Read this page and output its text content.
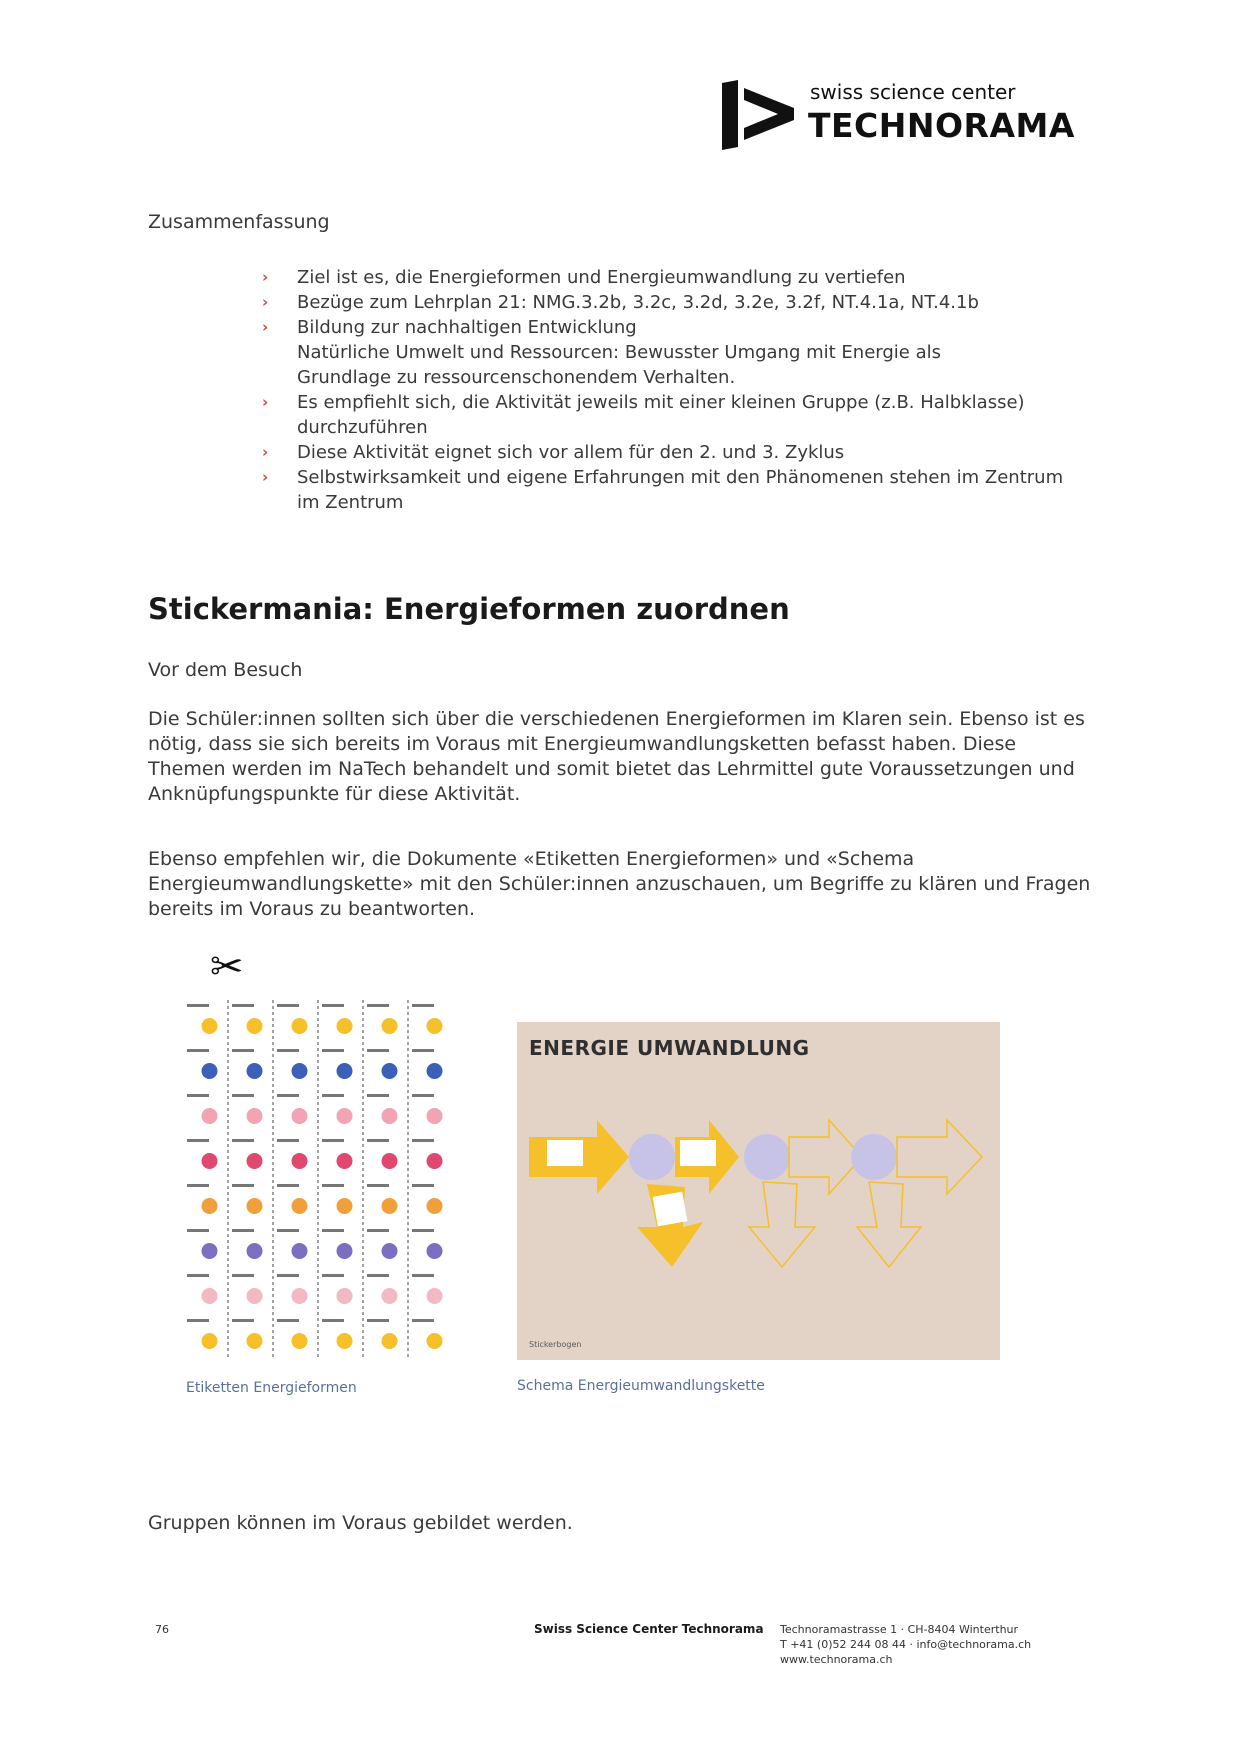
swiss science center
TECHNORAMA
Zusammenfassung
› Ziel ist es, die Energieformen und Energieumwandlung zu vertiefen
› Bezüge zum Lehrplan 21: NMG.3.2b, 3.2c, 3.2d, 3.2e, 3.2f, NT.4.1a, NT.4.1b
› Bildung zur nachhaltigen Entwicklung
Natürliche Umwelt und Ressourcen: Bewusster Umgang mit Energie als
Grundlage zu ressourcenschonendem Verhalten.
› Es empfiehlt sich, die Aktivität jeweils mit einer kleinen Gruppe (z.B. Halbklasse)
durchzuführen
› Diese Aktivität eignet sich vor allem für den 2. und 3. Zyklus
› Selbstwirksamkeit und eigene Erfahrungen mit den Phänomenen stehen im Zentrum
im Zentrum
Stickermania: Energieformen zuordnen
Vor dem Besuch
Die Schüler:innen sollten sich über die verschiedenen Energieformen im Klaren sein. Ebenso ist es nötig, dass sie sich bereits im Voraus mit Energieumwandlungsketten befasst haben. Diese Themen werden im NaTech behandelt und somit bietet das Lehrmittel gute Voraussetzungen und Anknüpfungspunkte für diese Aktivität.
Ebenso empfehlen wir, die Dokumente «Etiketten Energieformen» und «Schema Energieumwandlungskette» mit den Schüler:innen anzuschauen, um Begriffe zu klären und Fragen bereits im Voraus zu beantworten.
✂
Etiketten Energieformen
ENERGIE UMWANDLUNG
Stickerbogen
Schema Energieumwandlungskette
Gruppen können im Voraus gebildet werden.
76	Swiss Science Center Technorama Technoramastrasse 1 · CH-8404 Winterthur
T +41 (0)52 244 08 44 · info@technorama.ch
www.technorama.ch
